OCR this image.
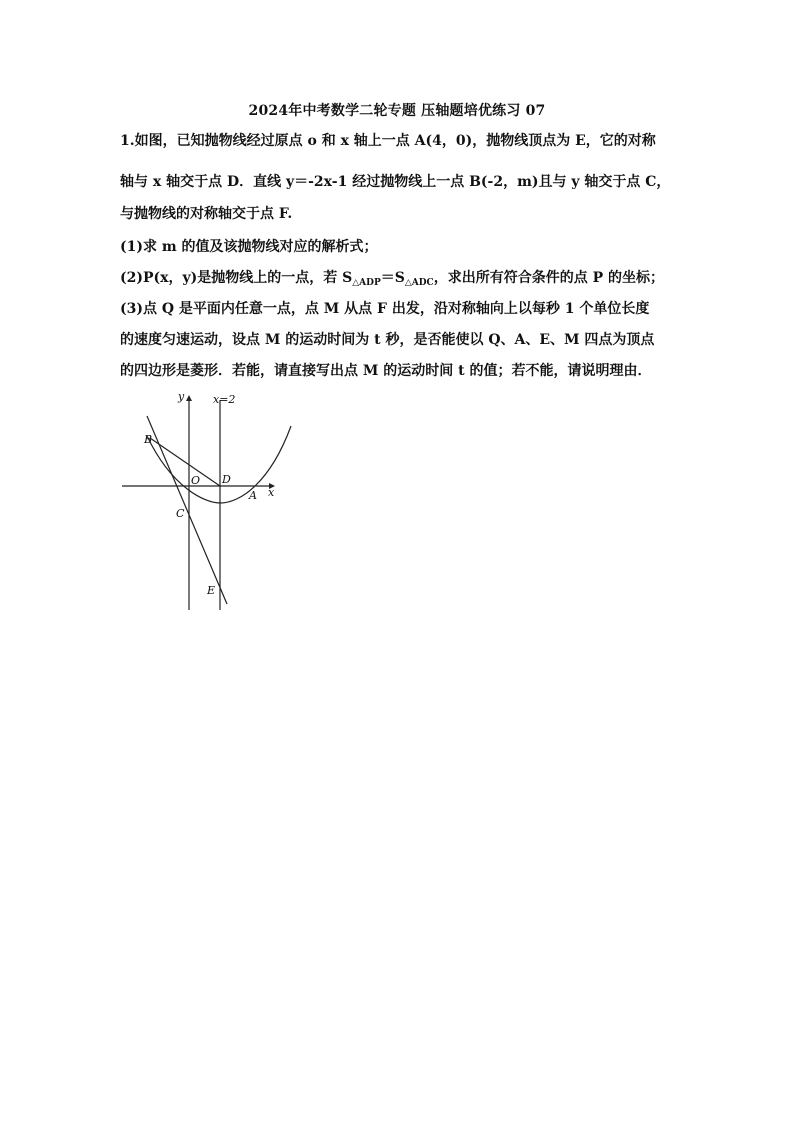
2024年中考数学二轮专题 压轴题培优练习 07
1.如图，已知抛物线经过原点 o 和 x 轴上一点 A(4，0)，抛物线顶点为 E，它的对称
轴与 x 轴交于点 D．直线 y＝-2x-1 经过抛物线上一点 B(-2，m)且与 y 轴交于点 C，
与抛物线的对称轴交于点 F.
(1)求 m 的值及该抛物线对应的解析式；
(2)P(x，y)是抛物线上的一点，若 $S_{\triangle ADP}=S_{\triangle ADC}$，求出所有符合条件的点 P 的坐标；
(3)点 Q 是平面内任意一点，点 M 从点 F 出发，沿对称轴向上以每秒 1 个单位长度
的速度匀速运动，设点 M 的运动时间为 t 秒，是否能使以 Q、A、E、M 四点为顶点
的四边形是菱形．若能，请直接写出点 M 的运动时间 t 的值；若不能，请说明理由．
y	x=2
B
O D
A x
C
E
